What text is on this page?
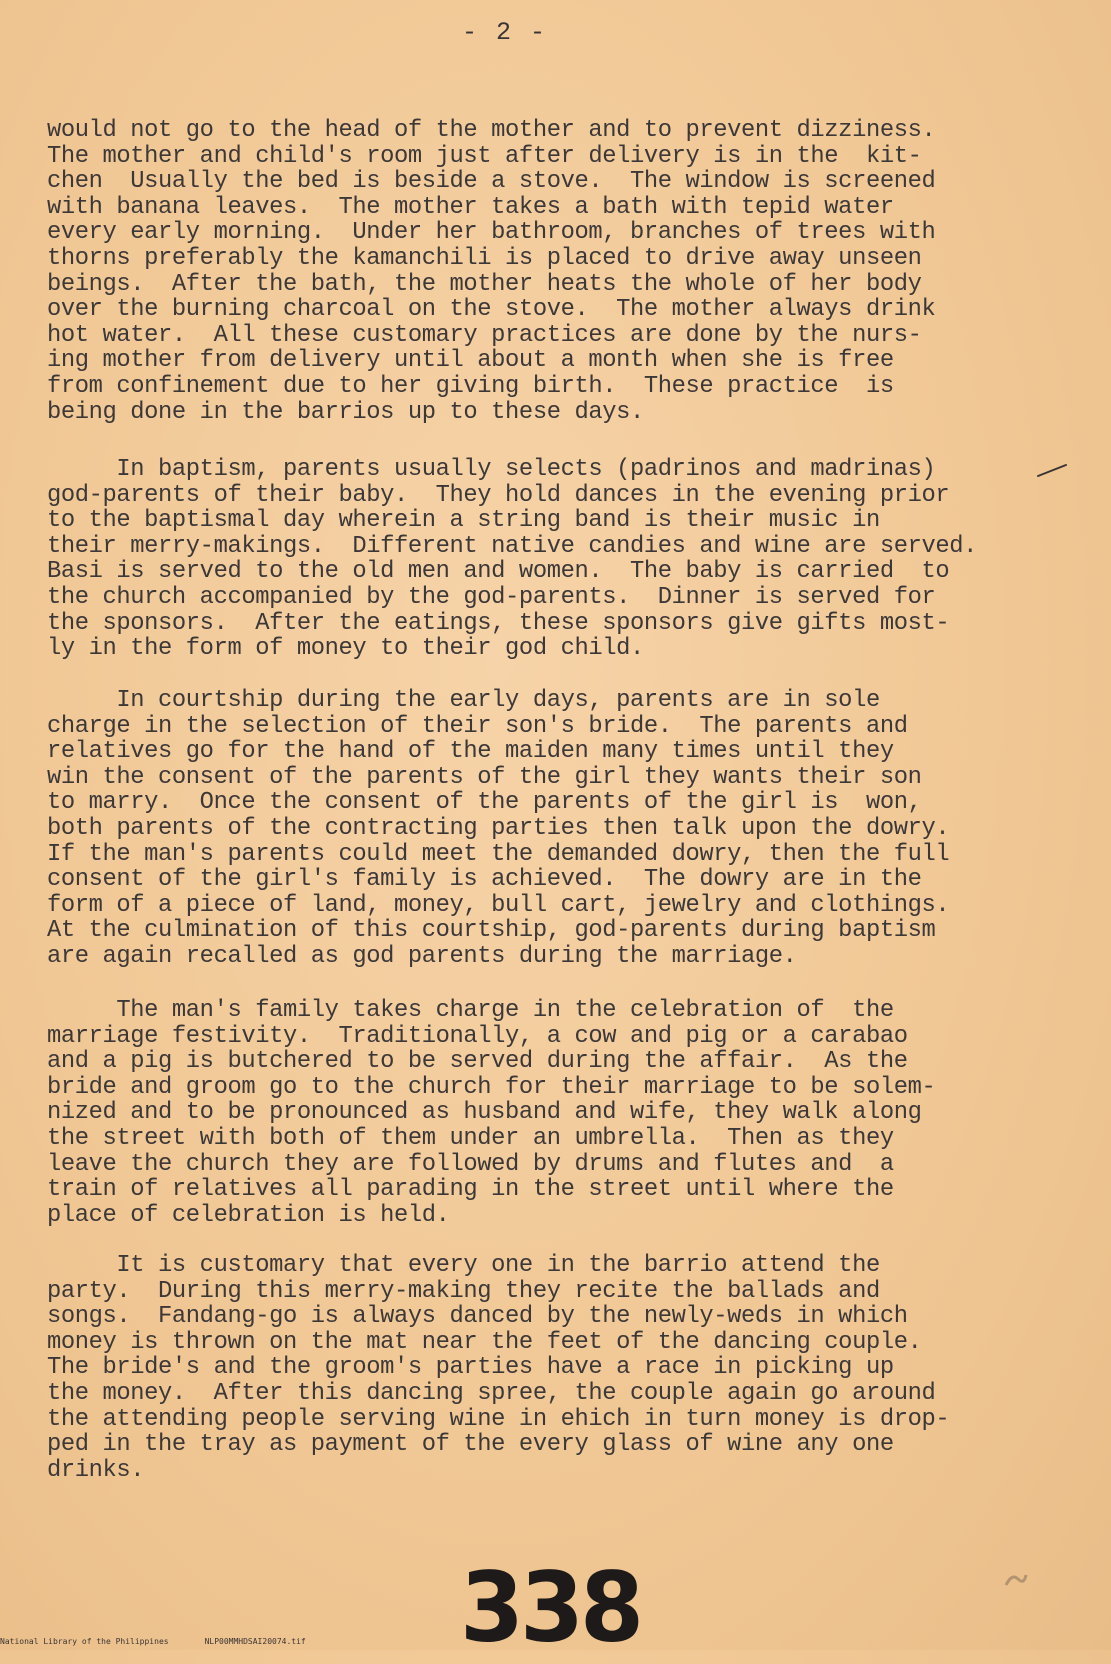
- 2 -

would not go to the head of the mother and to prevent dizziness.
The mother and child's room just after delivery is in the  kit-
chen  Usually the bed is beside a stove.  The window is screened
with banana leaves.  The mother takes a bath with tepid water
every early morning.  Under her bathroom, branches of trees with
thorns preferably the kamanchili is placed to drive away unseen
beings.  After the bath, the mother heats the whole of her body
over the burning charcoal on the stove.  The mother always drink
hot water.  All these customary practices are done by the nurs-
ing mother from delivery until about a month when she is free
from confinement due to her giving birth.  These practice  is
being done in the barrios up to these days.

In baptism, parents usually selects (padrinos and madrinas)
god-parents of their baby.  They hold dances in the evening prior
to the baptismal day wherein a string band is their music in
their merry-makings.  Different native candies and wine are served.
Basi is served to the old men and women.  The baby is carried  to
the church accompanied by the god-parents.  Dinner is served for
the sponsors.  After the eatings, these sponsors give gifts most-
ly in the form of money to their god child.

In courtship during the early days, parents are in sole
charge in the selection of their son's bride.  The parents and
relatives go for the hand of the maiden many times until they
win the consent of the parents of the girl they wants their son
to marry.  Once the consent of the parents of the girl is  won,
both parents of the contracting parties then talk upon the dowry.
If the man's parents could meet the demanded dowry, then the full
consent of the girl's family is achieved.  The dowry are in the
form of a piece of land, money, bull cart, jewelry and clothings.
At the culmination of this courtship, god-parents during baptism
are again recalled as god parents during the marriage.

The man's family takes charge in the celebration of  the
marriage festivity.  Traditionally, a cow and pig or a carabao
and a pig is butchered to be served during the affair.  As the
bride and groom go to the church for their marriage to be solem-
nized and to be pronounced as husband and wife, they walk along
the street with both of them under an umbrella.  Then as they
leave the church they are followed by drums and flutes and  a
train of relatives all parading in the street until where the
place of celebration is held.

It is customary that every one in the barrio attend the
party.  During this merry-making they recite the ballads and
songs.  Fandang-go is always danced by the newly-weds in which
money is thrown on the mat near the feet of the dancing couple.
The bride's and the groom's parties have a race in picking up
the money.  After this dancing spree, the couple again go around
the attending people serving wine in ehich in turn money is drop-
ped in the tray as payment of the every glass of wine any one
drinks.

338
National Library of the Philippines	NLP00MMHDSAI20074.tif
